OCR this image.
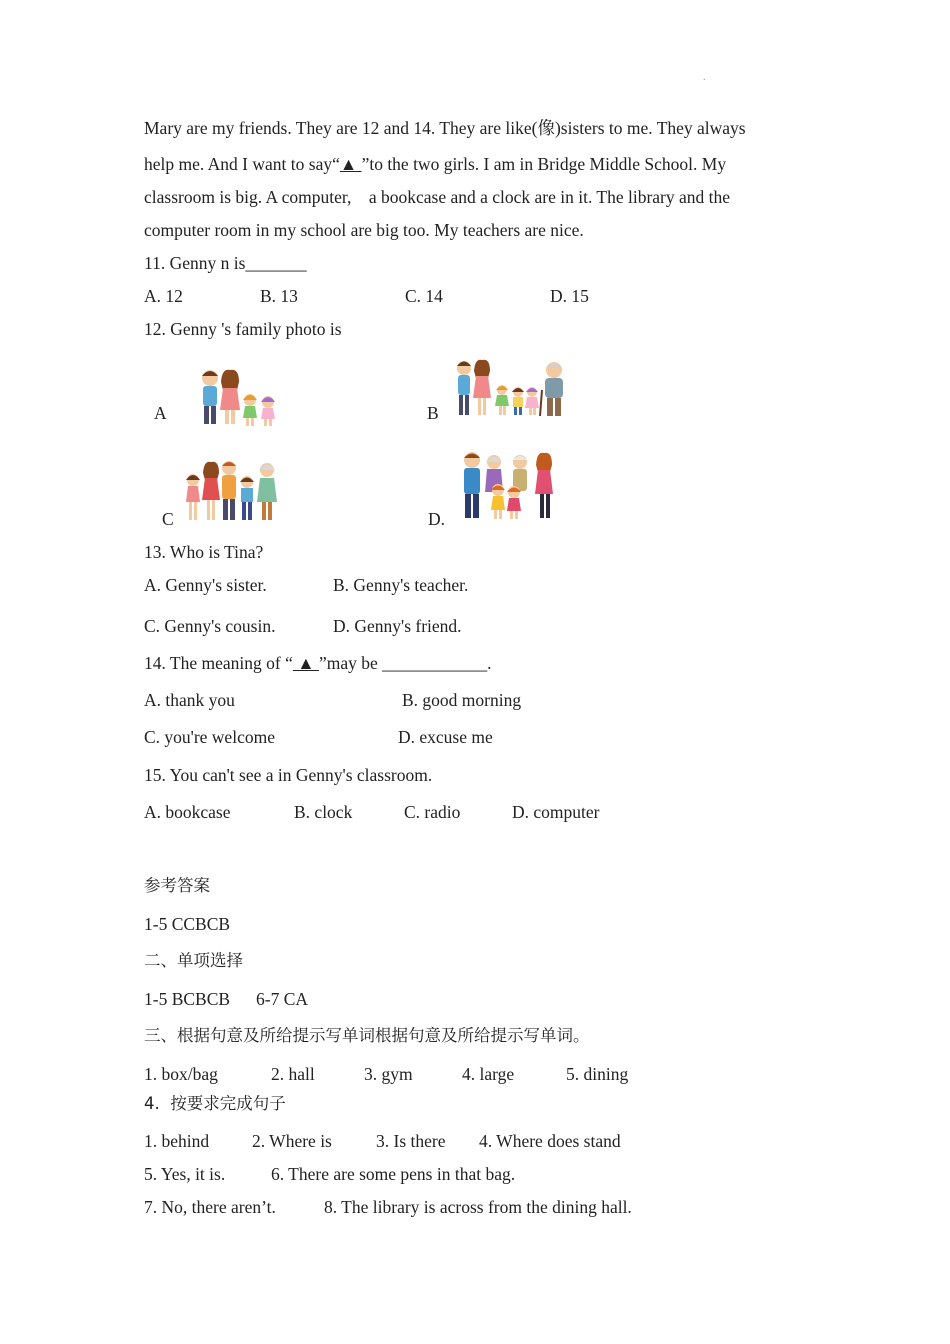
.
Mary are my friends. They are 12 and 14. They are like(像)sisters to me. They always
help me. And I want to say“▲ ”to the two girls. I am in Bridge Middle School. My
classroom is big. A computer,    a bookcase and a clock are in it. The library and the
computer room in my school are big too. My teachers are nice.
11. Genny n is_______
A. 12	B. 13	C. 14	D. 15
12. Genny 's family photo is
A	B
C	D.
13. Who is Tina?
A. Genny's sister.	B. Genny's teacher.
C. Genny's cousin.	D. Genny's friend.
14. The meaning of “ ▲ ”may be ____________.
A. thank you	B. good morning
C. you're welcome	D. excuse me
15. You can't see a in Genny's classroom.
A. bookcase	B. clock	C. radio	D. computer
参考答案
1-5 CCBCB
二、单项选择
1-5 BCBCB 6-7 CA
三、根据句意及所给提示写单词根据句意及所给提示写单词。
1. box/bag	2. hall	3. gym	4. large	5. dining
4.  按要求完成句子
1. behind 2. Where is	3. Is there 4. Where does stand
5. Yes, it is.	6. There are some pens in that bag.
7. No, there aren’t.	8. The library is across from the dining hall.
